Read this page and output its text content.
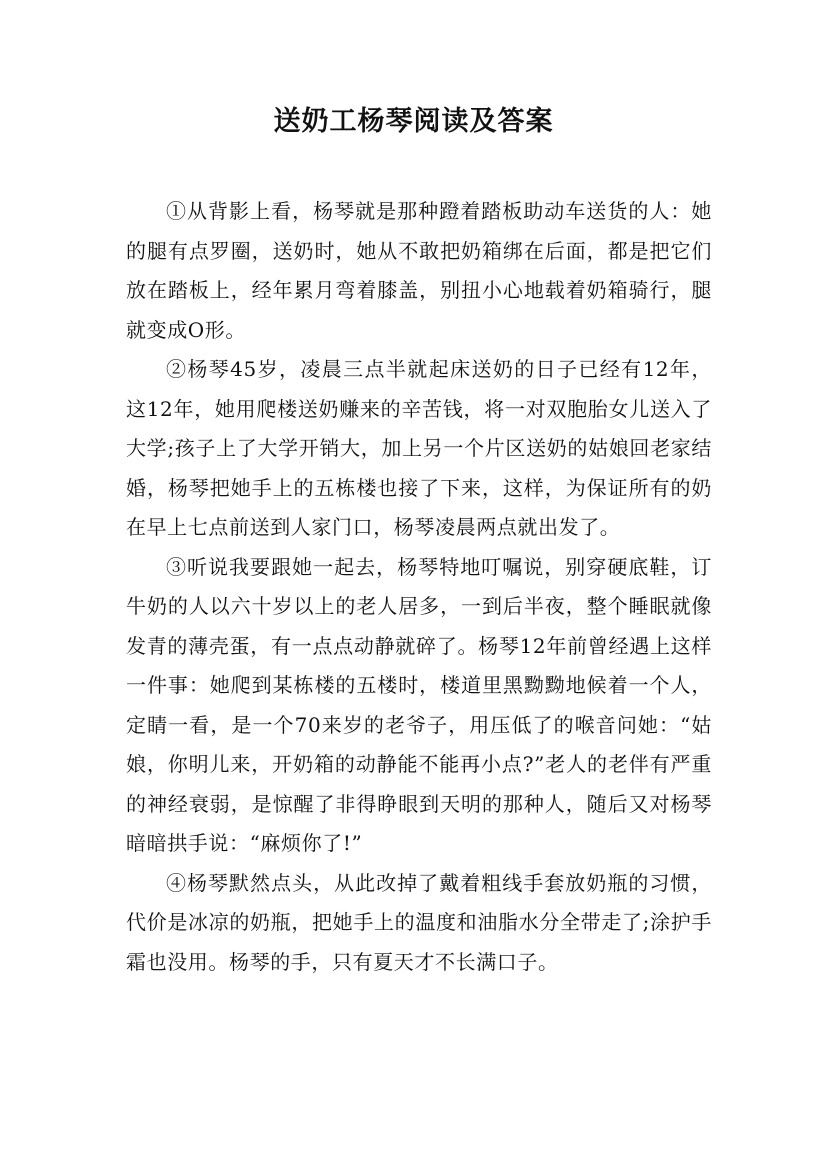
送奶工杨琴阅读及答案

①从背影上看，杨琴就是那种蹬着踏板助动车送货的人：她的腿有点罗圈，送奶时，她从不敢把奶箱绑在后面，都是把它们放在踏板上，经年累月弯着膝盖，别扭小心地载着奶箱骑行，腿就变成O形。

②杨琴45岁，凌晨三点半就起床送奶的日子已经有12年，这12年，她用爬楼送奶赚来的辛苦钱，将一对双胞胎女儿送入了大学;孩子上了大学开销大，加上另一个片区送奶的姑娘回老家结婚，杨琴把她手上的五栋楼也接了下来，这样，为保证所有的奶在早上七点前送到人家门口，杨琴凌晨两点就出发了。

③听说我要跟她一起去，杨琴特地叮嘱说，别穿硬底鞋，订牛奶的人以六十岁以上的老人居多，一到后半夜，整个睡眠就像发青的薄壳蛋，有一点点动静就碎了。杨琴12年前曾经遇上这样一件事：她爬到某栋楼的五楼时，楼道里黑黝黝地候着一个人，定睛一看，是一个70来岁的老爷子，用压低了的喉音问她：“姑娘，你明儿来，开奶箱的动静能不能再小点?”老人的老伴有严重的神经衰弱，是惊醒了非得睁眼到天明的那种人，随后又对杨琴暗暗拱手说：“麻烦你了!”

④杨琴默然点头，从此改掉了戴着粗线手套放奶瓶的习惯，代价是冰凉的奶瓶，把她手上的温度和油脂水分全带走了;涂护手霜也没用。杨琴的手，只有夏天才不长满口子。
